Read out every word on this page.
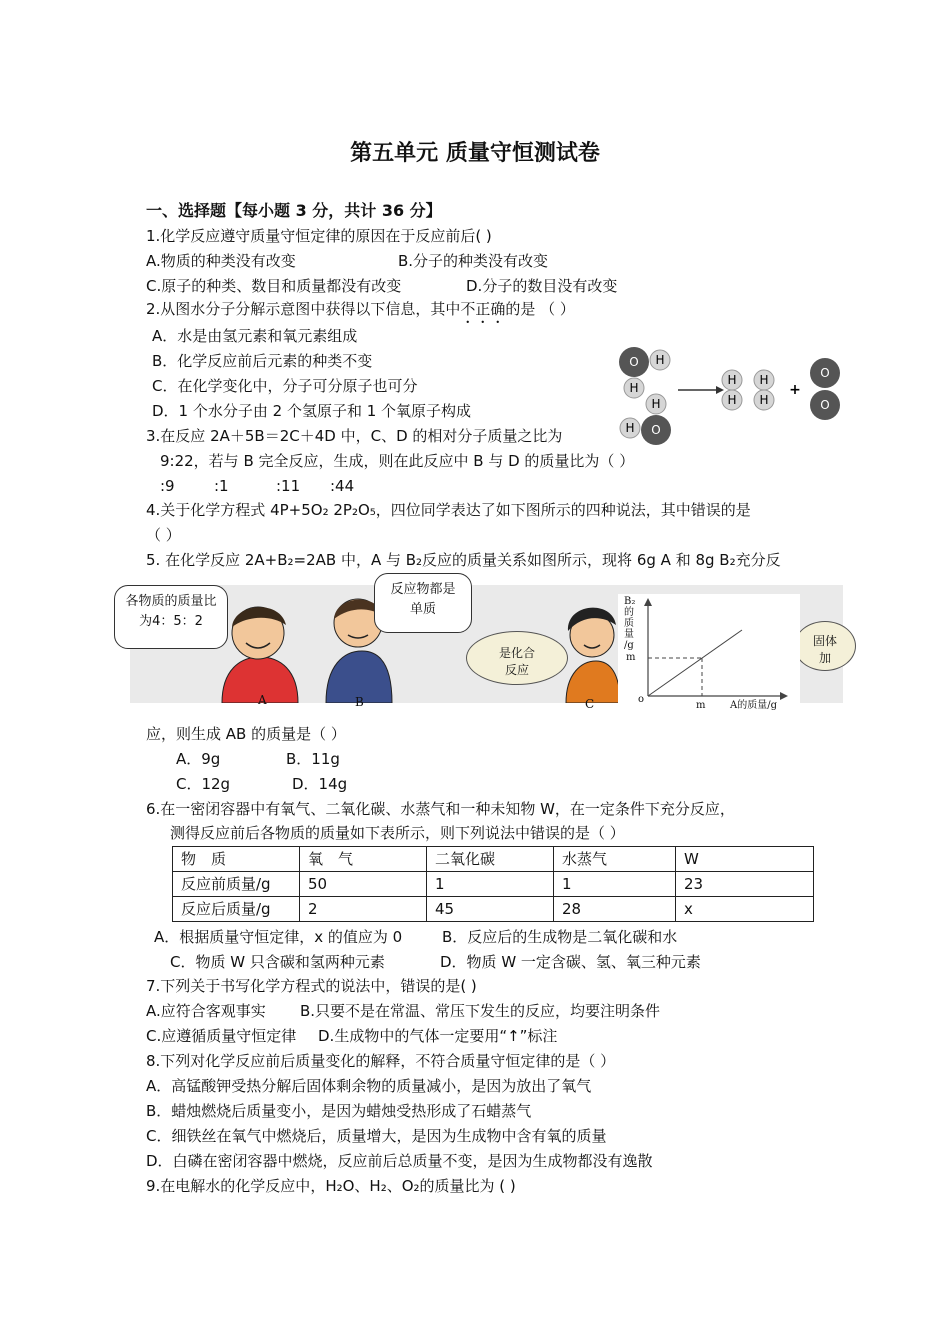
第五单元 质量守恒测试卷
一、选择题【每小题 3 分，共计 36 分】
1.化学反应遵守质量守恒定律的原因在于反应前后( )
A.物质的种类没有改变	B.分子的种类没有改变
C.原子的种类、数目和质量都没有改变	D.分子的数目没有改变
2.从图水分子分解示意图中获得以下信息，其中不正确的是 （ ）
A．水是由氢元素和氧元素组成
B．化学反应前后元素的种类不变
C．在化学变化中，分子可分原子也可分
D．1 个水分子由 2 个氢原子和 1 个氧原子构成
O H
H
H
H O
H
H
H
H
+
O
O
3.在反应 2A＋5B＝2C＋4D 中，C、D 的相对分子质量之比为
9:22，若与 B 完全反应，生成，则在此反应中 B 与 D 的质量比为（ ）
:9	:1	:11 :44
4.关于化学方程式 4P+5O₂ 2P₂O₅，四位同学表达了如下图所示的四种说法，其中错误的是
（ ）
5. 在化学反应 2A+B₂=2AB 中，A 与 B₂反应的质量关系如图所示，现将 6g A 和 8g B₂充分反
各物质的质量比
为4：5：2
反应物都是
单质
是化合
反应
固体
加
A	B	C
B₂
的
质
量
/g
m
o
m A的质量/g
应，则生成 AB 的质量是（ ）
A．9g	B．11g
C．12g	D．14g
6.在一密闭容器中有氧气、二氧化碳、水蒸气和一种未知物 W，在一定条件下充分反应，
测得反应前后各物质的质量如下表所示，则下列说法中错误的是（ ）
物　质	氧　气	二氧化碳	水蒸气	W
反应前质量/g	50	1	1	23
反应后质量/g	2	45	28	x
A．根据质量守恒定律，x 的值应为 0	B．反应后的生成物是二氧化碳和水
C．物质 W 只含碳和氢两种元素	D．物质 W 一定含碳、氢、氧三种元素
7.下列关于书写化学方程式的说法中，错误的是( )
A.应符合客观事实 B.只要不是在常温、常压下发生的反应，均要注明条件
C.应遵循质量守恒定律 D.生成物中的气体一定要用“↑”标注
8.下列对化学反应前后质量变化的解释，不符合质量守恒定律的是（ ）
A．高锰酸钾受热分解后固体剩余物的质量减小，是因为放出了氧气
B．蜡烛燃烧后质量变小，是因为蜡烛受热形成了石蜡蒸气
C．细铁丝在氧气中燃烧后，质量增大，是因为生成物中含有氧的质量
D．白磷在密闭容器中燃烧，反应前后总质量不变，是因为生成物都没有逸散
9.在电解水的化学反应中，H₂O、H₂、O₂的质量比为 ( )
